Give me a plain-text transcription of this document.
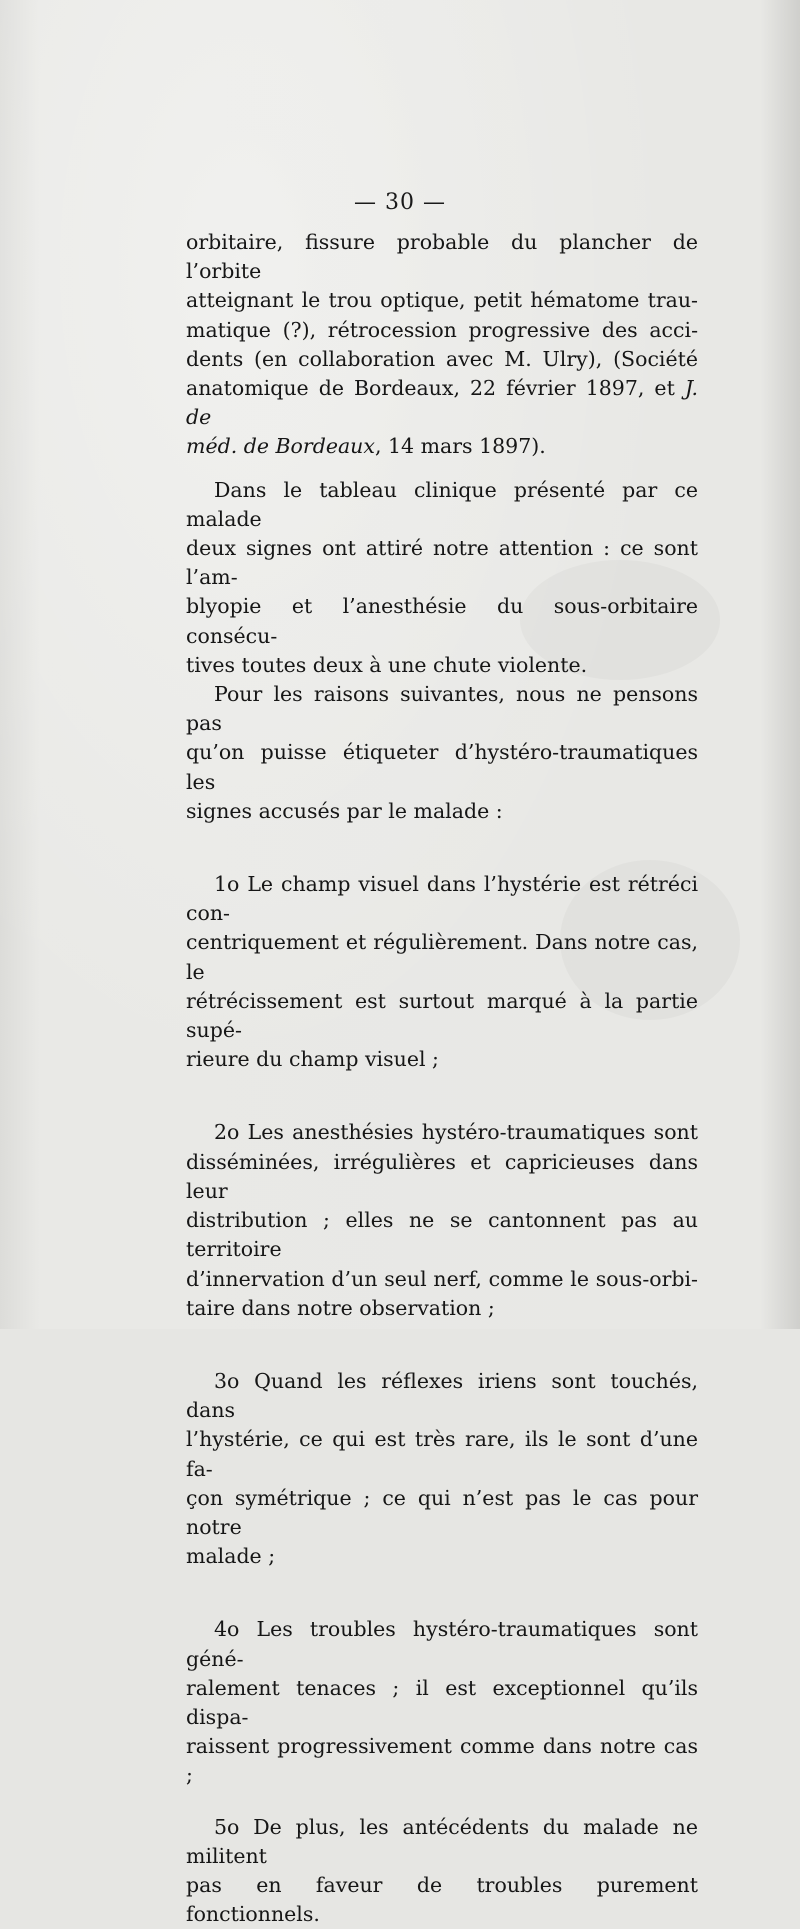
— 30 —

orbitaire, fissure probable du plancher de l’orbite
atteignant le trou optique, petit hématome trau-
matique (?), rétrocession progressive des acci-
dents (en collaboration avec M. Ulry), (Société
anatomique de Bordeaux, 22 février 1897, et J. de
méd. de Bordeaux, 14 mars 1897).

Dans le tableau clinique présenté par ce malade
deux signes ont attiré notre attention : ce sont l’am-
blyopie et l’anesthésie du sous-orbitaire consécu-
tives toutes deux à une chute violente.

Pour les raisons suivantes, nous ne pensons pas
qu’on puisse étiqueter d’hystéro-traumatiques les
signes accusés par le malade :

1o Le champ visuel dans l’hystérie est rétréci con-
centriquement et régulièrement. Dans notre cas, le
rétrécissement est surtout marqué à la partie supé-
rieure du champ visuel ;

2o Les anesthésies hystéro-traumatiques sont
disséminées, irrégulières et capricieuses dans leur
distribution ; elles ne se cantonnent pas au territoire
d’innervation d’un seul nerf, comme le sous-orbi-
taire dans notre observation ;

3o Quand les réflexes iriens sont touchés, dans
l’hystérie, ce qui est très rare, ils le sont d’une fa-
çon symétrique ; ce qui n’est pas le cas pour notre
malade ;

4o Les troubles hystéro-traumatiques sont géné-
ralement tenaces ; il est exceptionnel qu’ils dispa-
raissent progressivement comme dans notre cas ;

5o De plus, les antécédents du malade ne militent
pas en faveur de troubles purement fonctionnels.
